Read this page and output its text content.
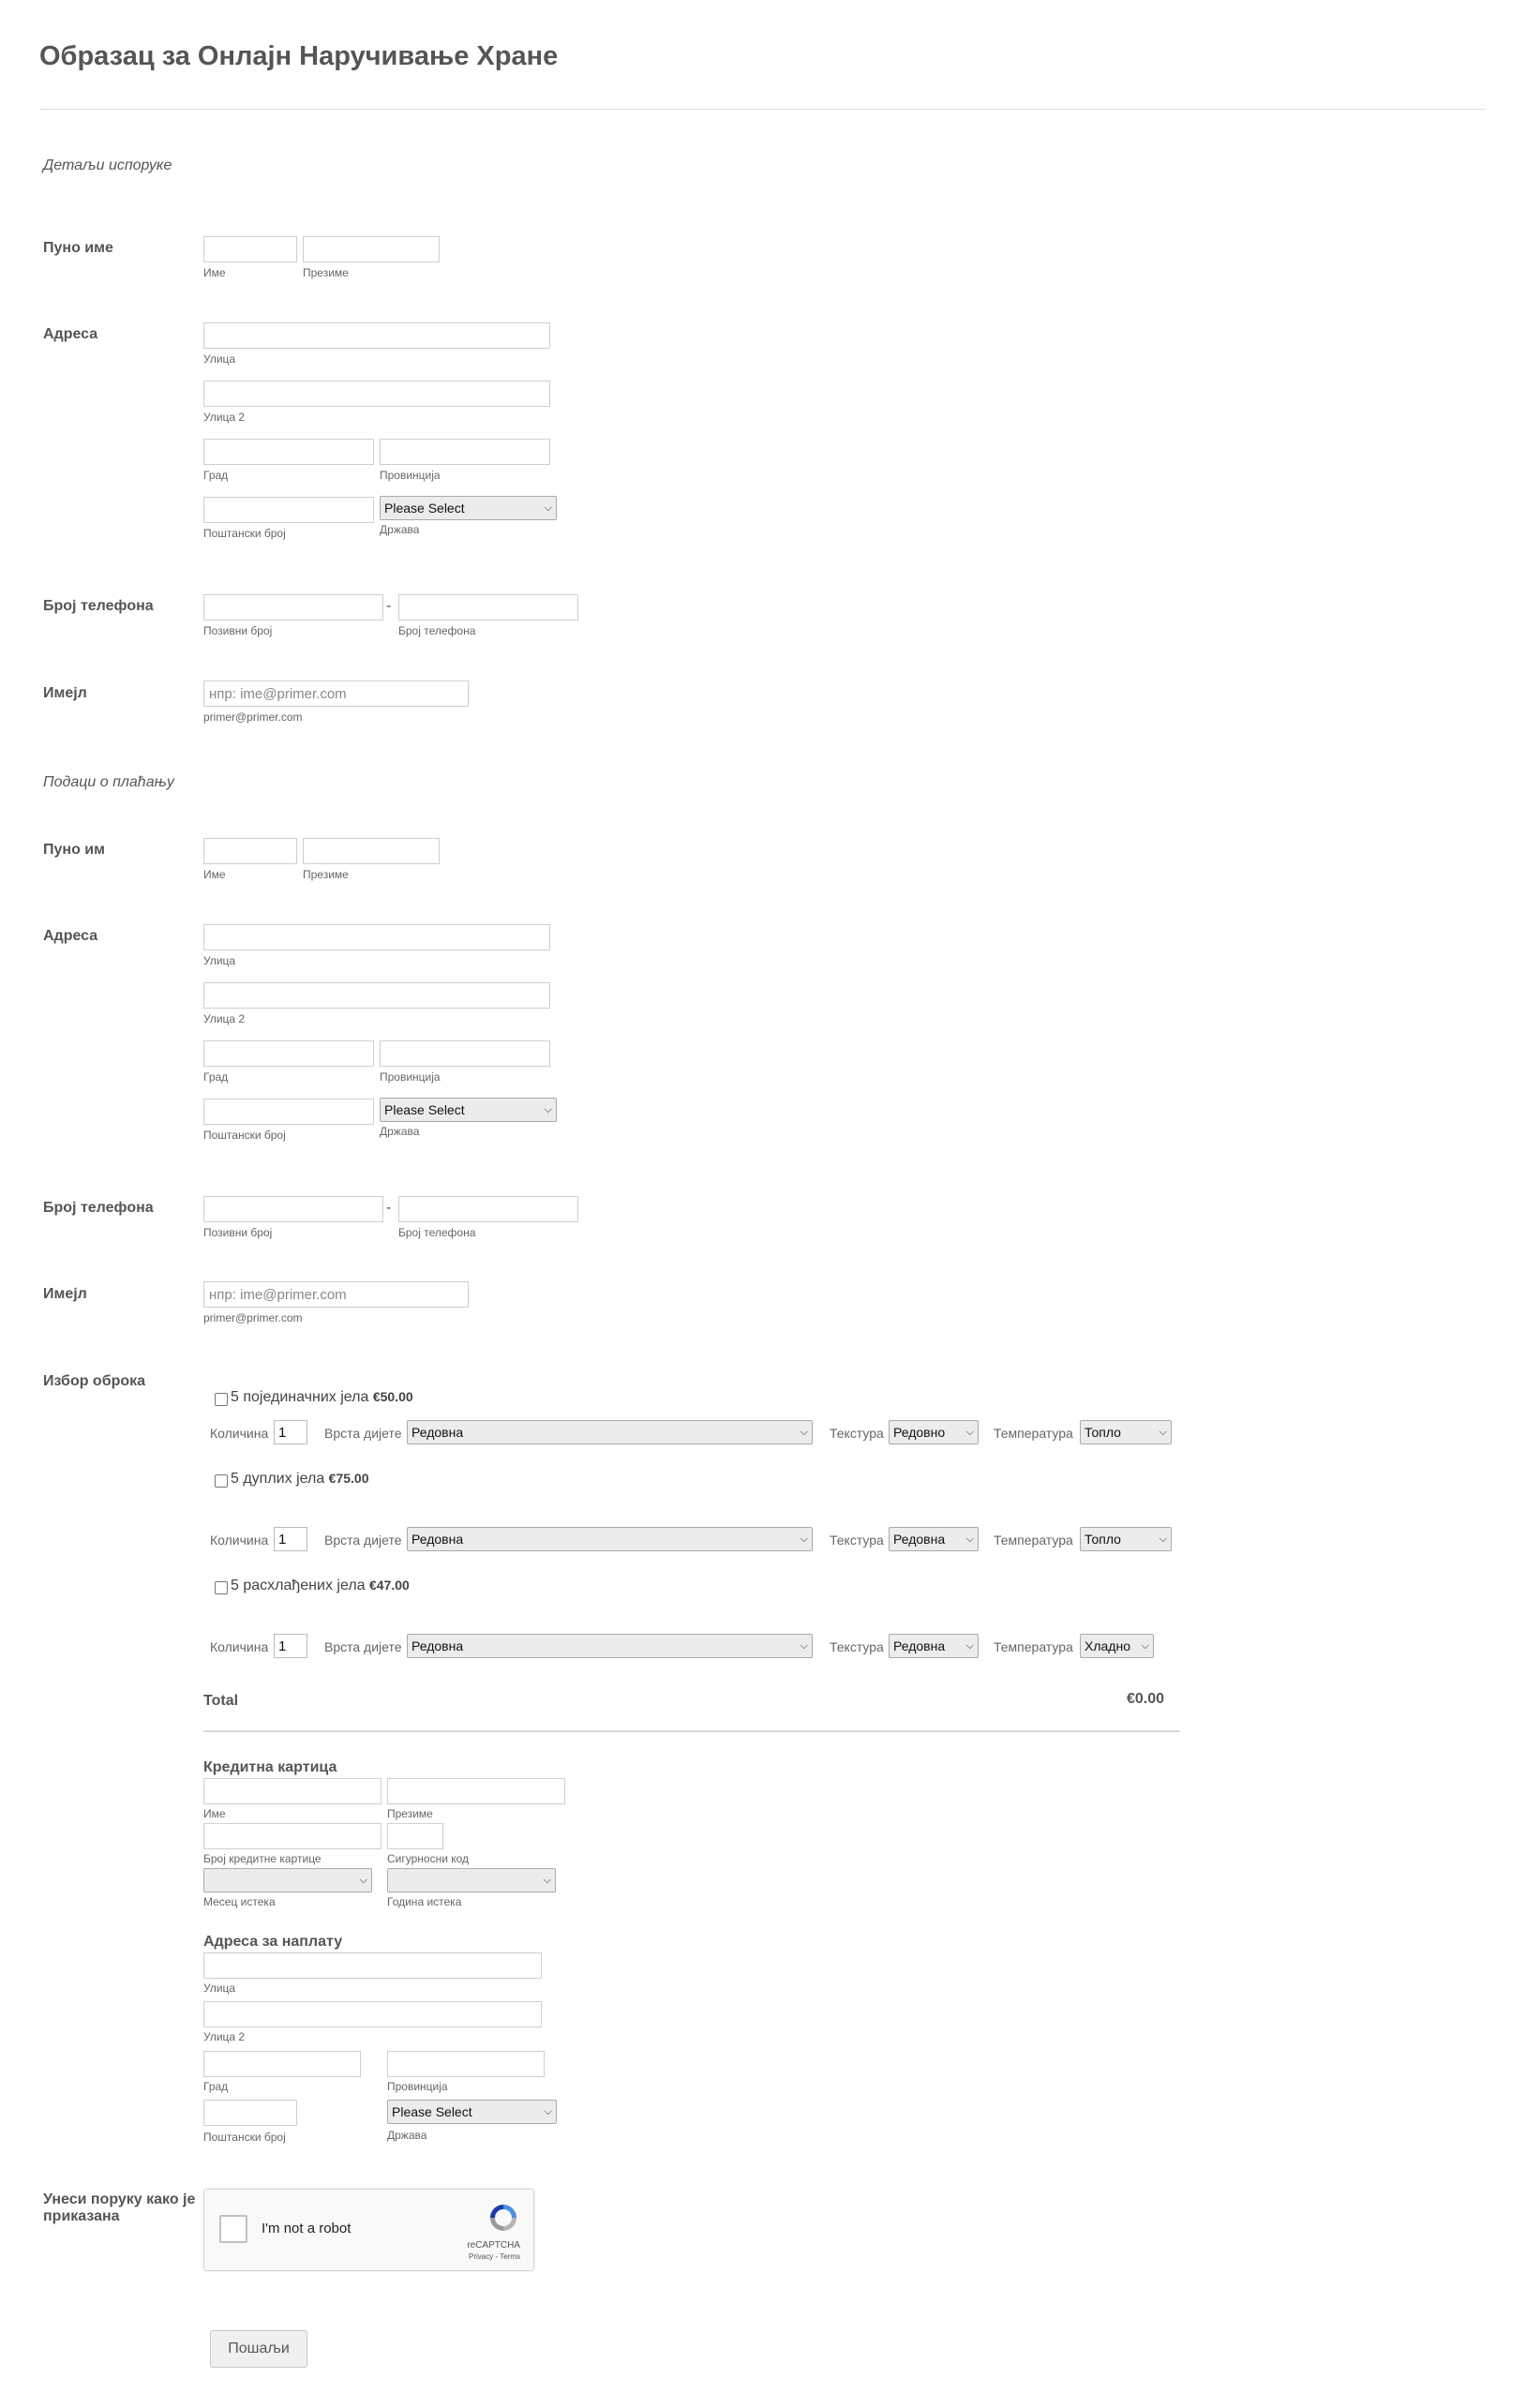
Образац за Онлајн Наручивање Хране
Детаљи испоруке
Пуно име
Име	Презиме
Адреса
Улица
Улица 2
Град	Провинција
Please Select	⌵
Поштански број	Држава
Број телефона	-
Позивни број	Број телефона
Имејл
нпр: ime@primer.com
primer@primer.com
Подаци о плаћању
Пуно им
Име	Презиме
Адреса
Улица
Улица 2
Град	Провинција
Please Select	⌵
Поштански број	Држава
Број телефона	-
Позивни број	Број телефона
Имејл
нпр: ime@primer.com
primer@primer.com
Избор оброка
5 појединачних јела €50.00
Количина 1	Врста дијете Редовна	⌵ Текстура Редовно ⌵ Температура Топло	⌵
5 дуплих јела €75.00
Количина 1	Врста дијете Редовна	⌵ Текстура Редовна ⌵ Температура Топло	⌵
5 расхлађених јела €47.00
Количина 1	Врста дијете Редовна	⌵ Текстура Редовна ⌵ Температура Хладно ⌵
Total	€0.00
Кредитна картица
Име	Презиме
Број кредитне картице	Сигурносни код
⌵	⌵
Месец истека	Година истека
Адреса за наплату
Улица
Улица 2
Град	Провинција
Please Select	⌵
Поштански број	Држава
Унеси поруку како је приказана
I'm not a robot
reCAPTCHA
Privacy - Terms
Пошаљи
